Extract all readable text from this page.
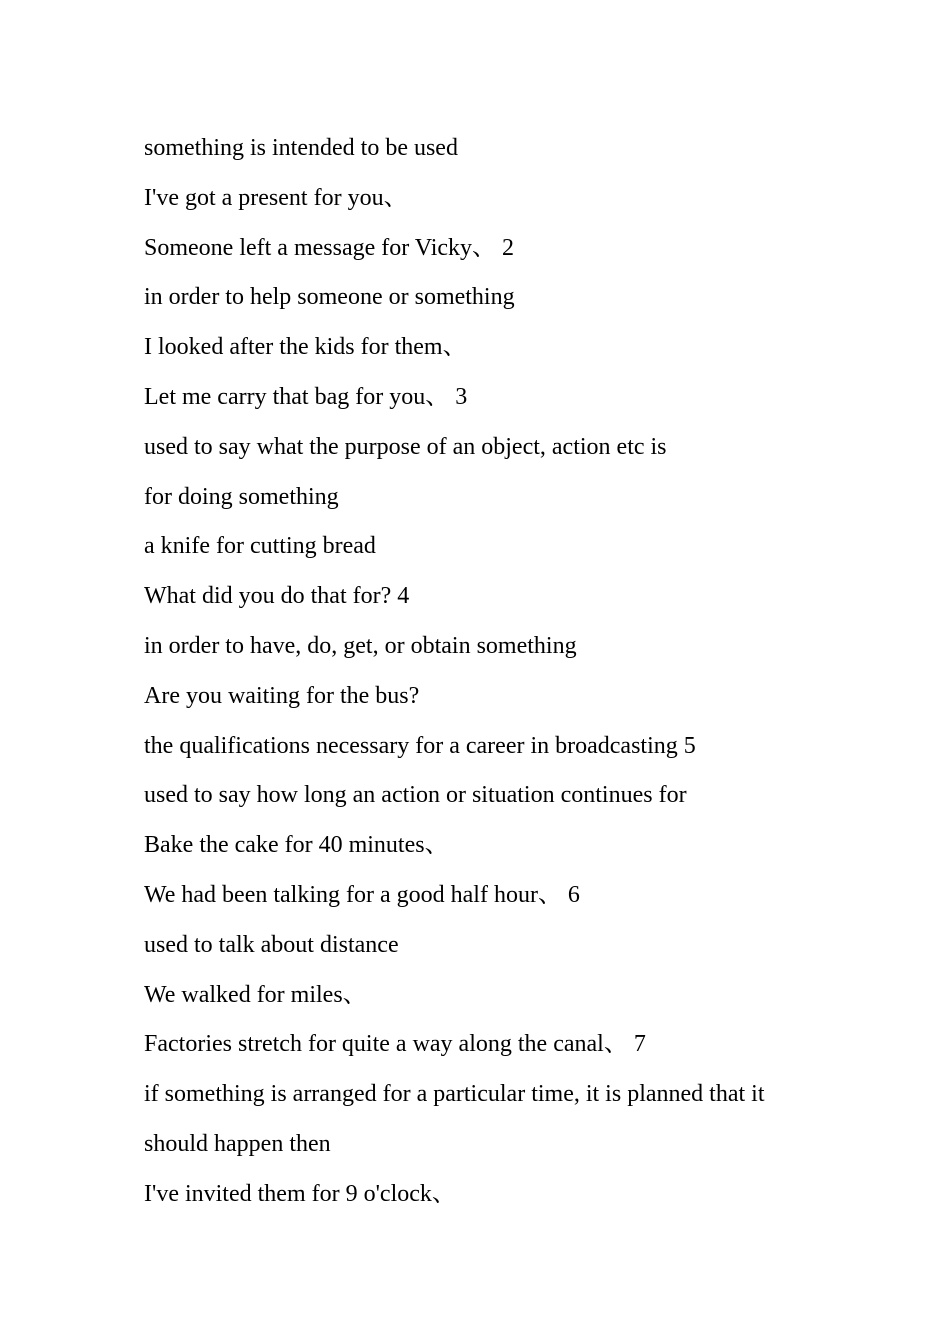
something is intended to be used
I've got a present for you、
Someone left a message for Vicky、 2
in order to help someone or something
I looked after the kids for them、
Let me carry that bag for you、 3
used to say what the purpose of an object, action etc is
for doing something
a knife for cutting bread
What did you do that for? 4
in order to have, do, get, or obtain something
Are you waiting for the bus?
the qualifications necessary for a career in broadcasting 5
used to say how long an action or situation continues for
Bake the cake for 40 minutes、
We had been talking for a good half hour、 6
used to talk about distance
We walked for miles、
Factories stretch for quite a way along the canal、 7
if something is arranged for a particular time, it is planned that it
should happen then
I've invited them for 9 o'clock、
